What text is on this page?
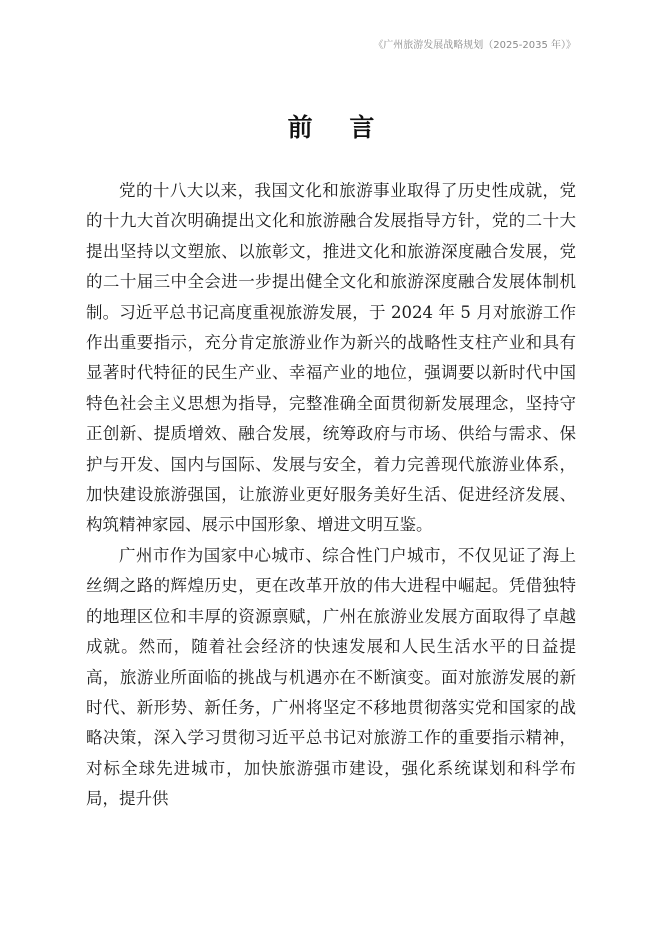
《广州旅游发展战略规划（2025-2035 年）》
前 言

党的十八大以来，我国文化和旅游事业取得了历史性成就，党的十九大首次明确提出文化和旅游融合发展指导方针，党的二十大提出坚持以文塑旅、以旅彰文，推进文化和旅游深度融合发展，党的二十届三中全会进一步提出健全文化和旅游深度融合发展体制机制。习近平总书记高度重视旅游发展，于 2024 年 5 月对旅游工作作出重要指示，充分肯定旅游业作为新兴的战略性支柱产业和具有显著时代特征的民生产业、幸福产业的地位，强调要以新时代中国特色社会主义思想为指导，完整准确全面贯彻新发展理念，坚持守正创新、提质增效、融合发展，统筹政府与市场、供给与需求、保护与开发、国内与国际、发展与安全，着力完善现代旅游业体系，加快建设旅游强国，让旅游业更好服务美好生活、促进经济发展、构筑精神家园、展示中国形象、增进文明互鉴。

广州市作为国家中心城市、综合性门户城市，不仅见证了海上丝绸之路的辉煌历史，更在改革开放的伟大进程中崛起。凭借独特的地理区位和丰厚的资源禀赋，广州在旅游业发展方面取得了卓越成就。然而，随着社会经济的快速发展和人民生活水平的日益提高，旅游业所面临的挑战与机遇亦在不断演变。面对旅游发展的新时代、新形势、新任务，广州将坚定不移地贯彻落实党和国家的战略决策，深入学习贯彻习近平总书记对旅游工作的重要指示精神，对标全球先进城市，加快旅游强市建设，强化系统谋划和科学布局，提升供
